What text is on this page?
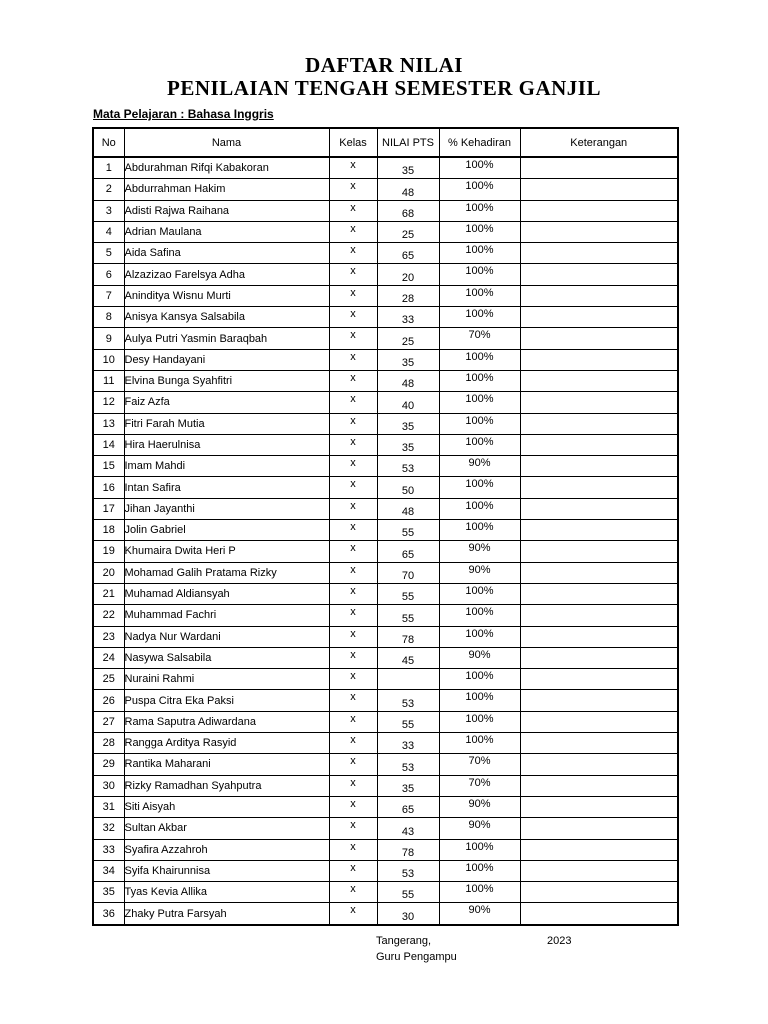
DAFTAR NILAI
PENILAIAN TENGAH SEMESTER GANJIL
Mata Pelajaran : Bahasa Inggris
No	Nama	Kelas	NILAI PTS	% Kehadiran	Keterangan
1	Abdurahman Rifqi Kabakoran	x	35	100%	
2	Abdurrahman Hakim	x	48	100%	
3	Adisti Rajwa Raihana	x	68	100%	
4	Adrian Maulana	x	25	100%	
5	Aida Safina	x	65	100%	
6	Alzazizao Farelsya Adha	x	20	100%	
7	Aninditya Wisnu Murti	x	28	100%	
8	Anisya Kansya Salsabila	x	33	100%	
9	Aulya Putri Yasmin Baraqbah	x	25	70%	
10	Desy Handayani	x	35	100%	
11	Elvina Bunga Syahfitri	x	48	100%	
12	Faiz Azfa	x	40	100%	
13	Fitri Farah Mutia	x	35	100%	
14	Hira Haerulnisa	x	35	100%	
15	Imam Mahdi	x	53	90%	
16	Intan Safira	x	50	100%	
17	Jihan Jayanthi	x	48	100%	
18	Jolin Gabriel	x	55	100%	
19	Khumaira Dwita Heri P	x	65	90%	
20	Mohamad Galih Pratama Rizky	x	70	90%	
21	Muhamad Aldiansyah	x	55	100%	
22	Muhammad Fachri	x	55	100%	
23	Nadya Nur Wardani	x	78	100%	
24	Nasywa Salsabila	x	45	90%	
25	Nuraini Rahmi	x		100%	
26	Puspa Citra Eka Paksi	x	53	100%	
27	Rama Saputra Adiwardana	x	55	100%	
28	Rangga Arditya Rasyid	x	33	100%	
29	Rantika Maharani	x	53	70%	
30	Rizky Ramadhan Syahputra	x	35	70%	
31	Siti Aisyah	x	65	90%	
32	Sultan Akbar	x	43	90%	
33	Syafira Azzahroh	x	78	100%	
34	Syifa Khairunnisa	x	53	100%	
35	Tyas Kevia Allika	x	55	100%	
36	Zhaky Putra Farsyah	x	30	90%	
Tangerang,	2023
Guru Pengampu
